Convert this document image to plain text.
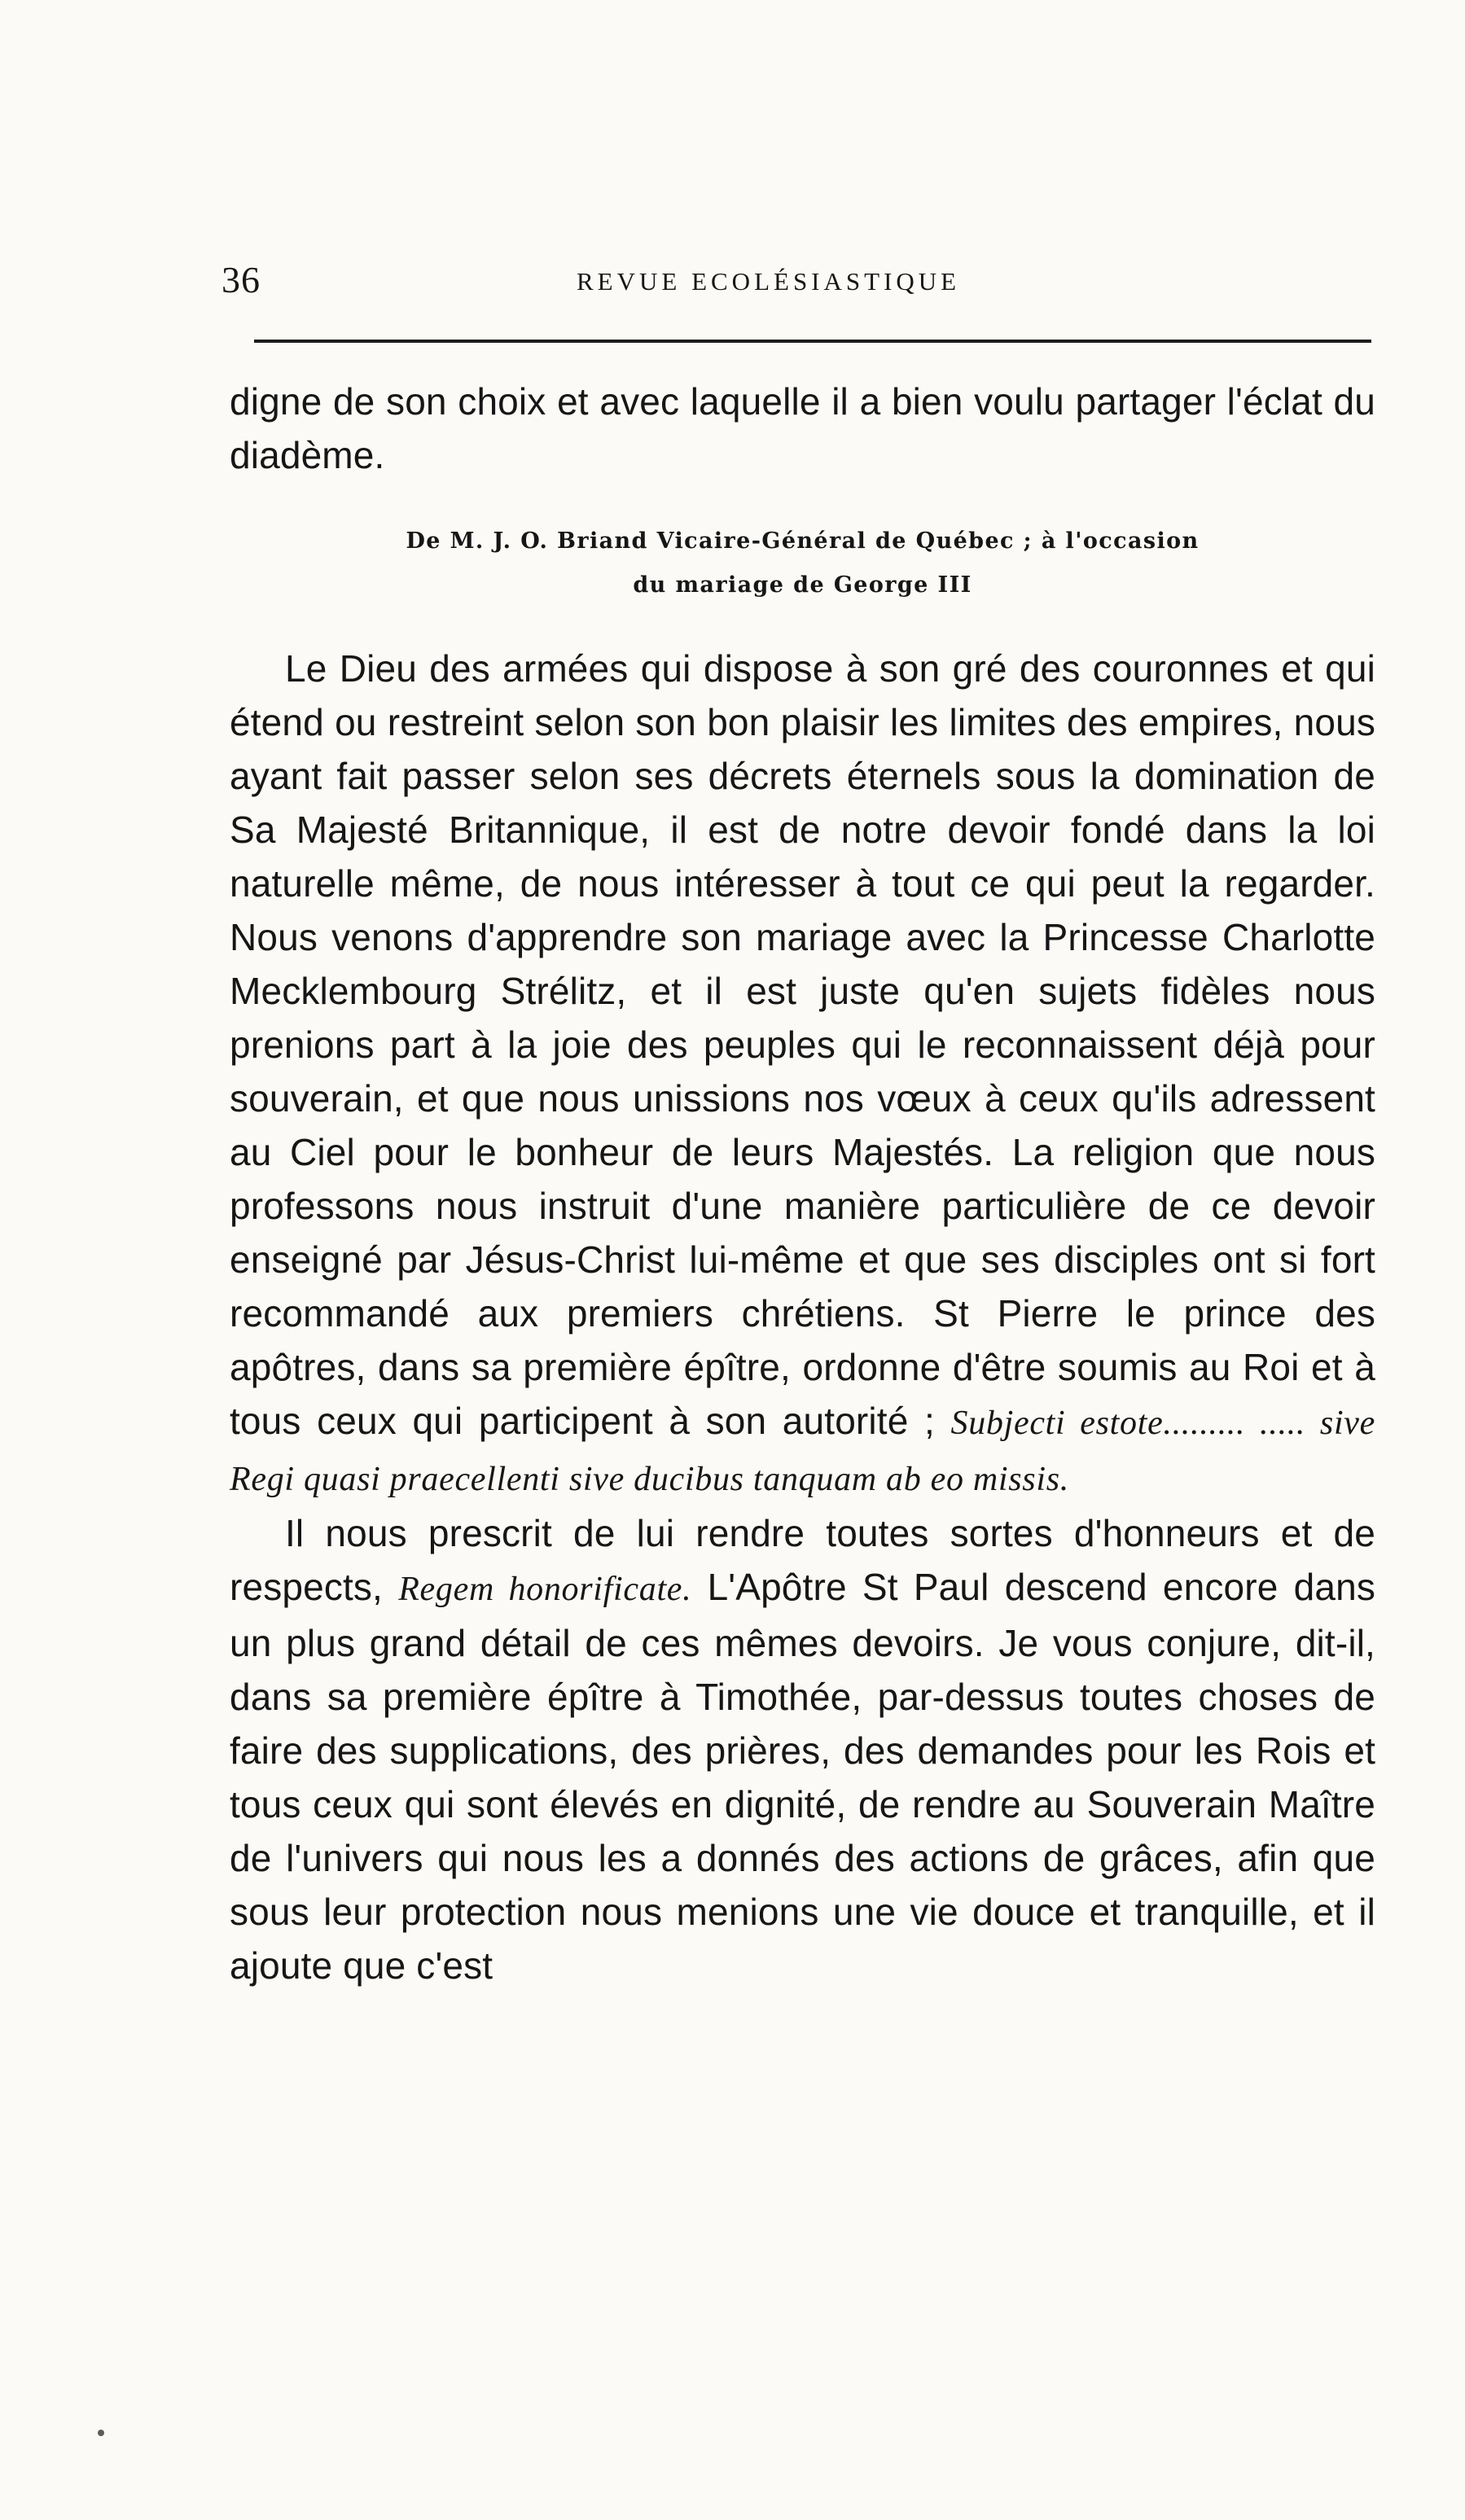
36	REVUE ECOLÉSIASTIQUE

digne de son choix et avec laquelle il a bien voulu partager l'éclat du diadème.

De M. J. O. Briand Vicaire-Général de Québec ; à l'occasion
du mariage de George III

Le Dieu des armées qui dispose à son gré des couronnes et qui étend ou restreint selon son bon plaisir les limites des empires, nous ayant fait passer selon ses décrets éternels sous la domination de Sa Majesté Britannique, il est de notre devoir fondé dans la loi naturelle même, de nous intéresser à tout ce qui peut la regarder. Nous venons d'apprendre son mariage avec la Princesse Charlotte Mecklembourg Strélitz, et il est juste qu'en sujets fidèles nous prenions part à la joie des peuples qui le reconnaissent déjà pour souverain, et que nous unissions nos vœux à ceux qu'ils adressent au Ciel pour le bonheur de leurs Majestés. La religion que nous professons nous instruit d'une manière particulière de ce devoir enseigné par Jésus-Christ lui-même et que ses disciples ont si fort recommandé aux premiers chrétiens. St Pierre le prince des apôtres, dans sa première épître, ordonne d'être soumis au Roi et à tous ceux qui participent à son autorité ; Subjecti estote......... ..... sive Regi quasi praecellenti sive ducibus tanquam ab eo missis.

Il nous prescrit de lui rendre toutes sortes d'honneurs et de respects, Regem honorificate. L'Apôtre St Paul descend encore dans un plus grand détail de ces mêmes devoirs. Je vous conjure, dit-il, dans sa première épître à Timothée, par-dessus toutes choses de faire des supplications, des prières, des demandes pour les Rois et tous ceux qui sont élevés en dignité, de rendre au Souverain Maître de l'univers qui nous les a donnés des actions de grâces, afin que sous leur protection nous menions une vie douce et tranquille, et il ajoute que c'est
